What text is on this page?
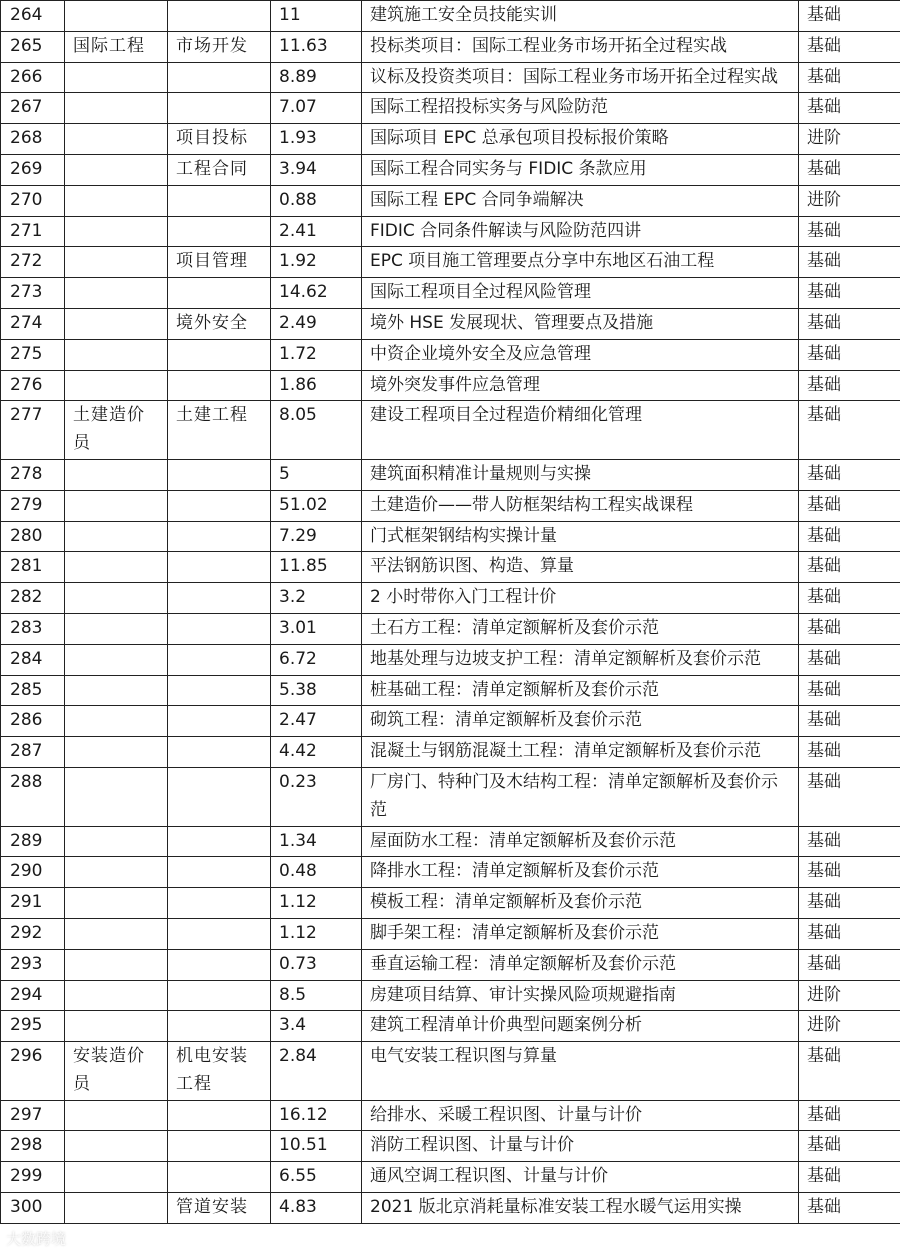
264			11	建筑施工安全员技能实训	基础
265	国际工程	市场开发	11.63	投标类项目：国际工程业务市场开拓全过程实战	基础
266			8.89	议标及投资类项目：国际工程业务市场开拓全过程实战	基础
267			7.07	国际工程招投标实务与风险防范	基础
268		项目投标	1.93	国际项目 EPC 总承包项目投标报价策略	进阶
269		工程合同	3.94	国际工程合同实务与 FIDIC 条款应用	基础
270			0.88	国际工程 EPC 合同争端解决	进阶
271			2.41	FIDIC 合同条件解读与风险防范四讲	基础
272		项目管理	1.92	EPC 项目施工管理要点分享中东地区石油工程	基础
273			14.62	国际工程项目全过程风险管理	基础
274		境外安全	2.49	境外 HSE 发展现状、管理要点及措施	基础
275			1.72	中资企业境外安全及应急管理	基础
276			1.86	境外突发事件应急管理	基础
277	土建造价员	土建工程	8.05	建设工程项目全过程造价精细化管理	基础
278			5	建筑面积精准计量规则与实操	基础
279			51.02	土建造价——带人防框架结构工程实战课程	基础
280			7.29	门式框架钢结构实操计量	基础
281			11.85	平法钢筋识图、构造、算量	基础
282			3.2	2 小时带你入门工程计价	基础
283			3.01	土石方工程：清单定额解析及套价示范	基础
284			6.72	地基处理与边坡支护工程：清单定额解析及套价示范	基础
285			5.38	桩基础工程：清单定额解析及套价示范	基础
286			2.47	砌筑工程：清单定额解析及套价示范	基础
287			4.42	混凝土与钢筋混凝土工程：清单定额解析及套价示范	基础
288			0.23	厂房门、特种门及木结构工程：清单定额解析及套价示范	基础
289			1.34	屋面防水工程：清单定额解析及套价示范	基础
290			0.48	降排水工程：清单定额解析及套价示范	基础
291			1.12	模板工程：清单定额解析及套价示范	基础
292			1.12	脚手架工程：清单定额解析及套价示范	基础
293			0.73	垂直运输工程：清单定额解析及套价示范	基础
294			8.5	房建项目结算、审计实操风险项规避指南	进阶
295			3.4	建筑工程清单计价典型问题案例分析	进阶
296	安装造价员	机电安装工程	2.84	电气安装工程识图与算量	基础
297			16.12	给排水、采暖工程识图、计量与计价	基础
298			10.51	消防工程识图、计量与计价	基础
299			6.55	通风空调工程识图、计量与计价	基础
300		管道安装	4.83	2021 版北京消耗量标准安装工程水暖气运用实操	基础
大数跨境
